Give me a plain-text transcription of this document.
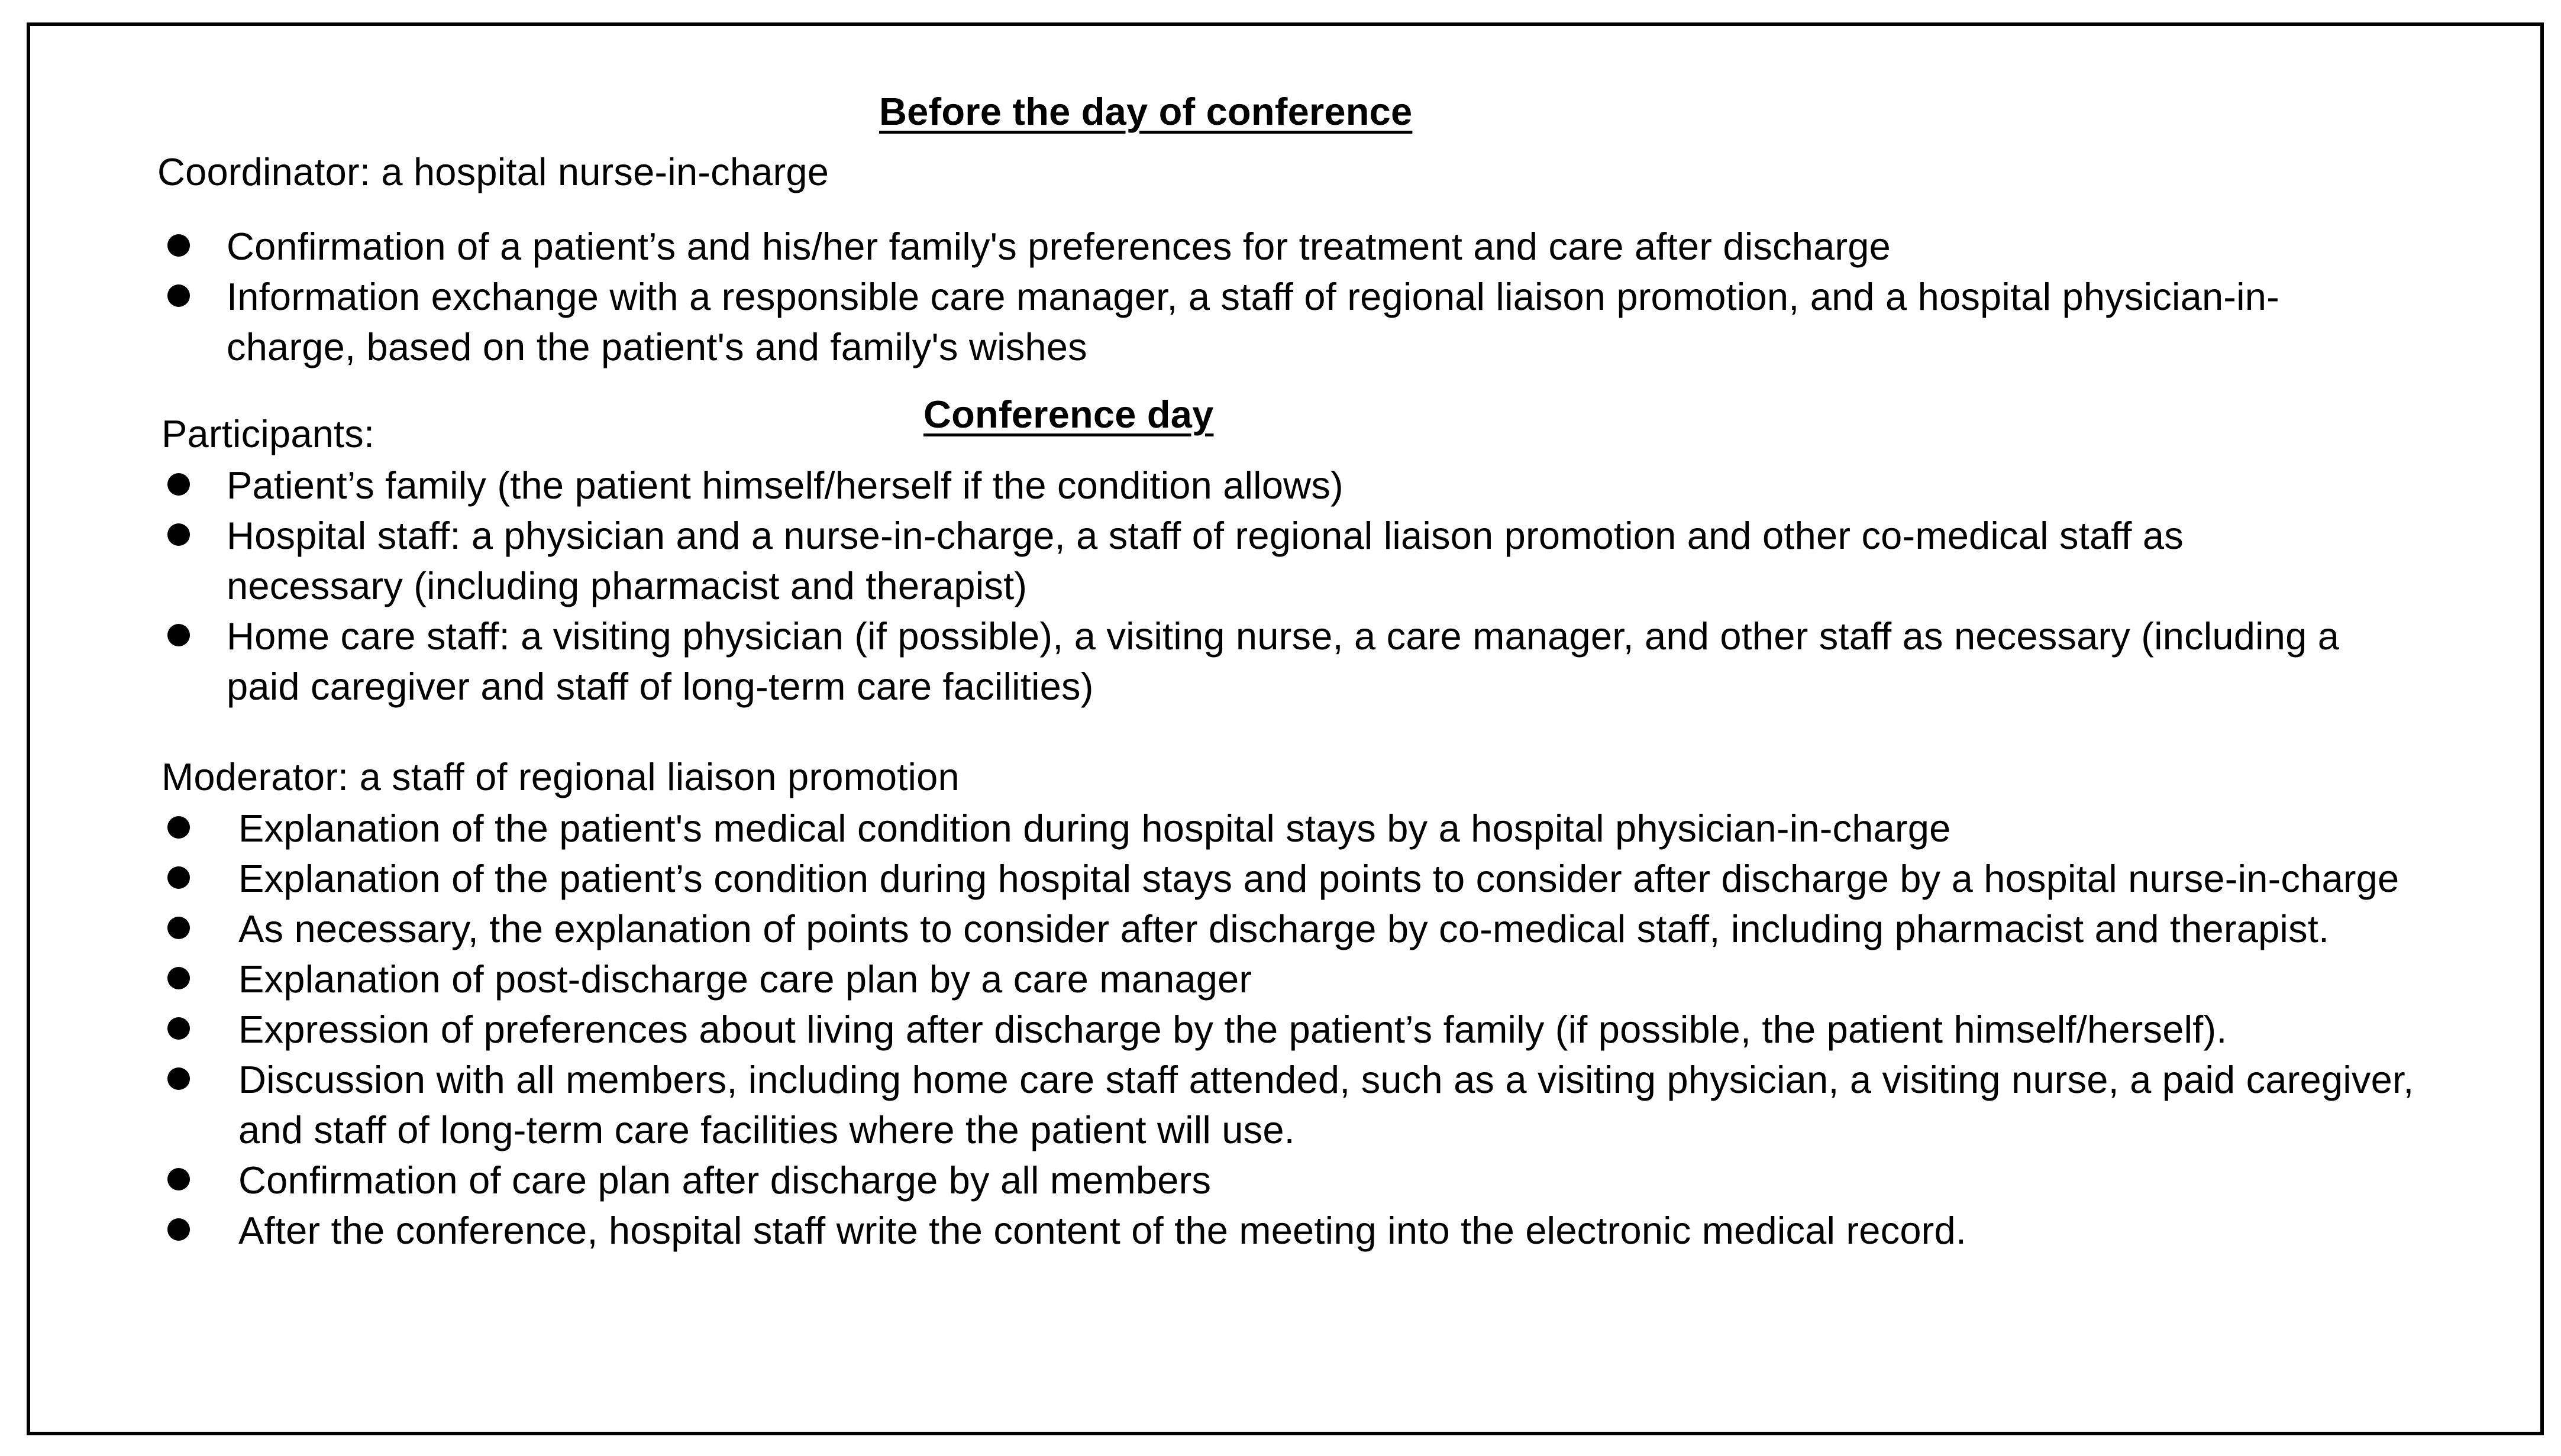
Before the day of conference
Coordinator: a hospital nurse-in-charge
Confirmation of a patient’s and his/her family's preferences for treatment and care after discharge
Information exchange with a responsible care manager, a staff of regional liaison promotion, and a hospital physician-in-charge, based on the patient's and family's wishes
Participants:	Conference day
Patient’s family (the patient himself/herself if the condition allows)
Hospital staff: a physician and a nurse-in-charge, a staff of regional liaison promotion and other co-medical staff as necessary (including pharmacist and therapist)
Home care staff: a visiting physician (if possible), a visiting nurse, a care manager, and other staff as necessary (including a paid caregiver and staff of long-term care facilities)
Moderator: a staff of regional liaison promotion
Explanation of the patient's medical condition during hospital stays by a hospital physician-in-charge
Explanation of the patient’s condition during hospital stays and points to consider after discharge by a hospital nurse-in-charge
As necessary, the explanation of points to consider after discharge by co-medical staff, including pharmacist and therapist.
Explanation of post-discharge care plan by a care manager
Expression of preferences about living after discharge by the patient’s family (if possible, the patient himself/herself).
Discussion with all members, including home care staff attended, such as a visiting physician, a visiting nurse, a paid caregiver, and staff of long-term care facilities where the patient will use.
Confirmation of care plan after discharge by all members
After the conference, hospital staff write the content of the meeting into the electronic medical record.
